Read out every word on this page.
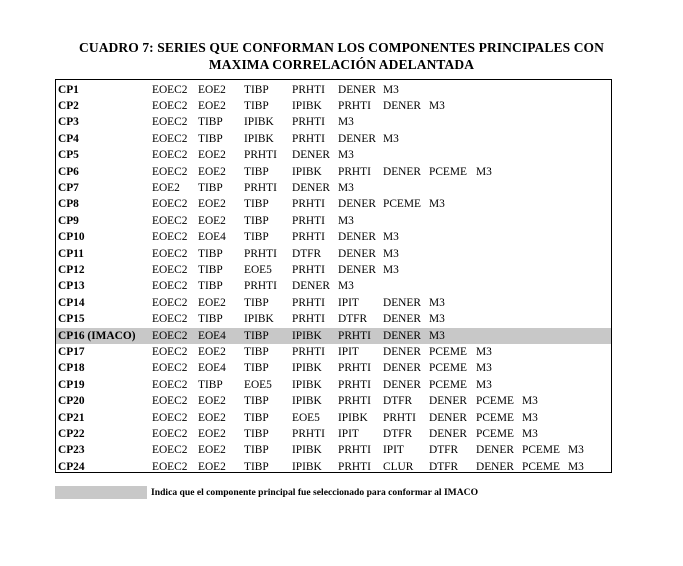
CUADRO 7: SERIES QUE CONFORMAN LOS COMPONENTES PRINCIPALES CON
MAXIMA CORRELACIÓN ADELANTADA
CP1	EOEC2 EOE2 TIBP PRHTI DENER M3
CP2	EOEC2 EOE2 TIBP IPIBK PRHTI DENER M3
CP3	EOEC2 TIBP IPIBK PRHTI M3
CP4	EOEC2 TIBP IPIBK PRHTI DENER M3
CP5	EOEC2 EOE2 PRHTI DENER M3
CP6	EOEC2 EOE2 TIBP IPIBK PRHTI DENER PCEME M3
CP7	EOE2 TIBP PRHTI DENER M3
CP8	EOEC2 EOE2 TIBP PRHTI DENER PCEME M3
CP9	EOEC2 EOE2 TIBP PRHTI M3
CP10	EOEC2 EOE4 TIBP PRHTI DENER M3
CP11	EOEC2 TIBP PRHTI DTFR DENER M3
CP12	EOEC2 TIBP EOE5 PRHTI DENER M3
CP13	EOEC2 TIBP PRHTI DENER M3
CP14	EOEC2 EOE2 TIBP PRHTI IPIT DENER M3
CP15	EOEC2 TIBP IPIBK PRHTI DTFR DENER M3
CP16 (IMACO) EOEC2 EOE4 TIBP IPIBK PRHTI DENER M3
CP17	EOEC2 EOE2 TIBP PRHTI IPIT DENER PCEME M3
CP18	EOEC2 EOE4 TIBP IPIBK PRHTI DENER PCEME M3
CP19	EOEC2 TIBP EOE5 IPIBK PRHTI DENER PCEME M3
CP20	EOEC2 EOE2 TIBP IPIBK PRHTI DTFR DENER PCEME M3
CP21	EOEC2 EOE2 TIBP EOE5 IPIBK PRHTI DENER PCEME M3
CP22	EOEC2 EOE2 TIBP PRHTI IPIT DTFR DENER PCEME M3
CP23	EOEC2 EOE2 TIBP IPIBK PRHTI IPIT DTFR DENER PCEME M3
CP24	EOEC2 EOE2 TIBP IPIBK PRHTI CLUR DTFR DENER PCEME M3
Indica que el componente principal fue seleccionado para conformar al IMACO
